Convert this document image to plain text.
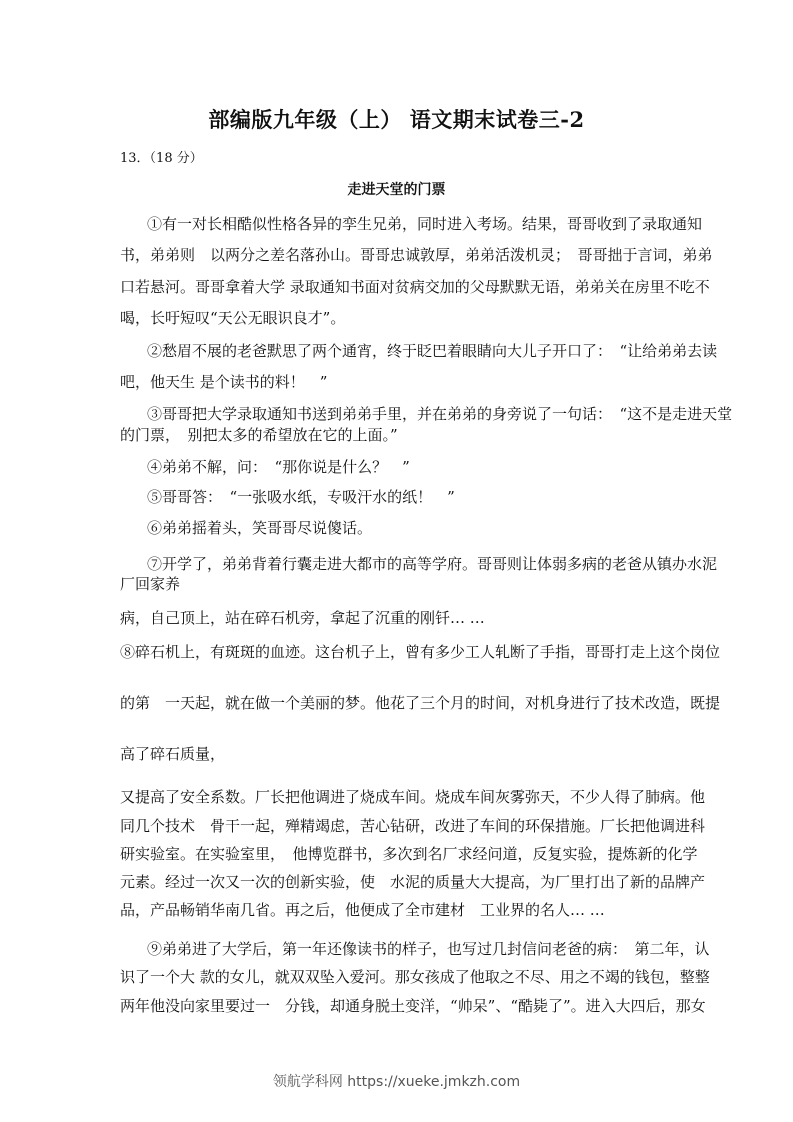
部编版九年级（上） 语文期末试卷三-2
13．（18 分）
走进天堂的门票
①有一对长相酷似性格各异的孪生兄弟，同时进入考场。结果，哥哥收到了录取通知
书，弟弟则　以两分之差名落孙山。哥哥忠诚敦厚，弟弟活泼机灵；　哥哥拙于言词，弟弟
口若悬河。哥哥拿着大学 录取通知书面对贫病交加的父母默默无语，弟弟关在房里不吃不
喝，长吁短叹“天公无眼识良才”。
②愁眉不展的老爸默思了两个通宵，终于眨巴着眼睛向大儿子开口了：　“让给弟弟去读
吧，他天生 是个读书的料！　”
③哥哥把大学录取通知书送到弟弟手里，并在弟弟的身旁说了一句话：　“这不是走进天堂
的门票，　别把太多的希望放在它的上面。”
④弟弟不解，问：　“那你说是什么？　”
⑤哥哥答：　“一张吸水纸，专吸汗水的纸！　”
⑥弟弟摇着头，笑哥哥尽说傻话。
⑦开学了，弟弟背着行囊走进大都市的高等学府。哥哥则让体弱多病的老爸从镇办水泥
厂回家养
病，自己顶上，站在碎石机旁，拿起了沉重的刚钎… …
⑧碎石机上，有斑斑的血迹。这台机子上，曾有多少工人轧断了手指，哥哥打走上这个岗位
的第　一天起，就在做一个美丽的梦。他花了三个月的时间，对机身进行了技术改造，既提
高了碎石质量，
又提高了安全系数。厂长把他调进了烧成车间。烧成车间灰雾弥天，不少人得了肺病。他
同几个技术　骨干一起，殚精竭虑，苦心钻研，改进了车间的环保措施。厂长把他调进科
研实验室。在实验室里，　他博览群书，多次到名厂求经问道，反复实验，提炼新的化学
元素。经过一次又一次的创新实验，使　水泥的质量大大提高，为厂里打出了新的品牌产
品，产品畅销华南几省。再之后，他便成了全市建材　工业界的名人… …
⑨弟弟进了大学后，第一年还像读书的样子，也写过几封信问老爸的病：　第二年，认
识了一个大 款的女儿，就双双坠入爱河。那女孩成了他取之不尽、用之不竭的钱包，整整
两年他没向家里要过一　分钱，却通身脱土变洋，“帅呆”、“酷毙了”。进入大四后，那女
领航学科网 https://xueke.jmkzh.com
